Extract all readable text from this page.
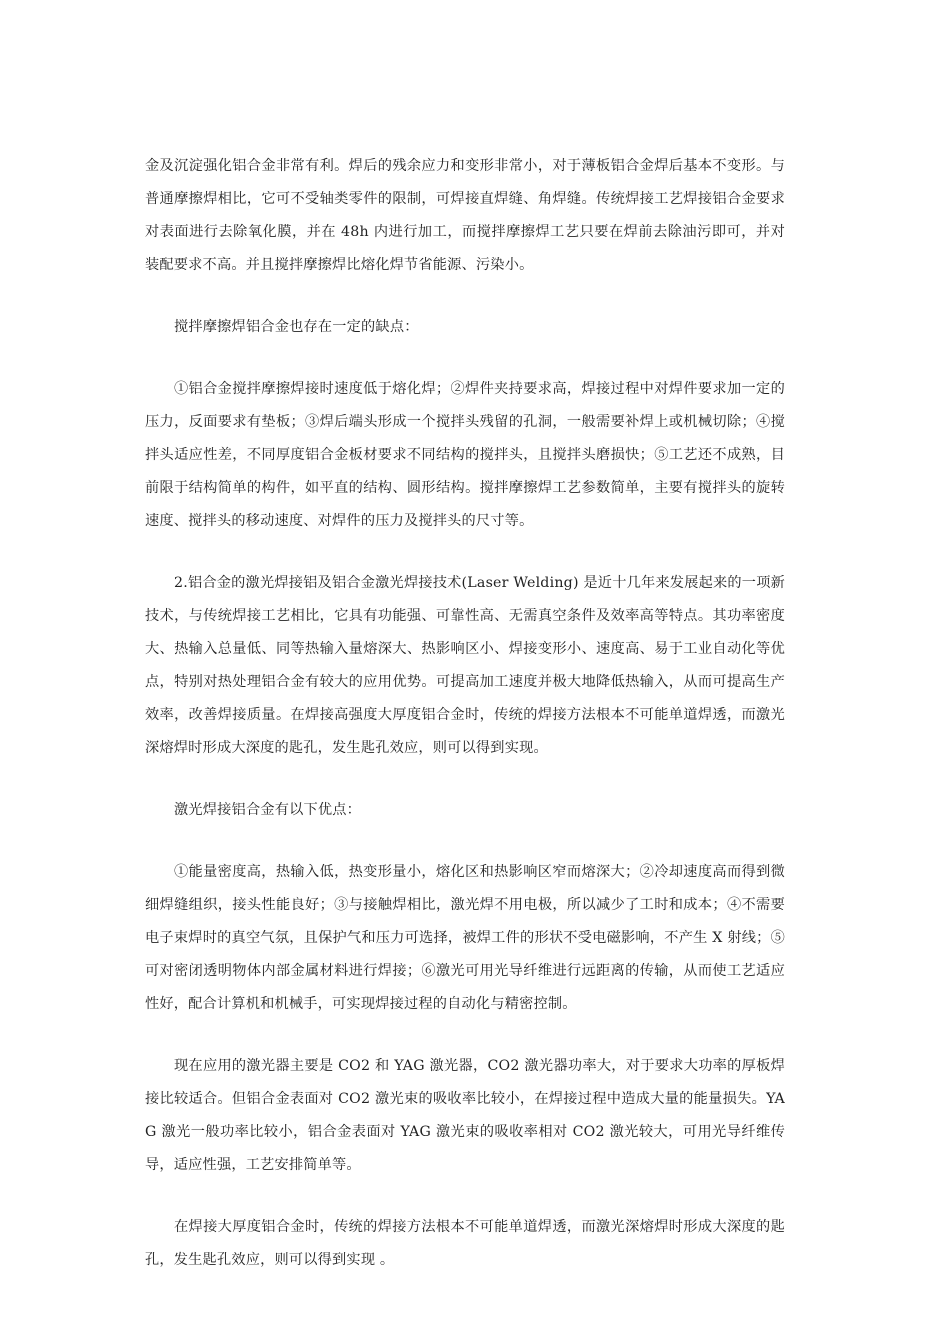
金及沉淀强化铝合金非常有利。焊后的残余应力和变形非常小，对于薄板铝合金焊后基本不变形。与普通摩擦焊相比，它可不受轴类零件的限制，可焊接直焊缝、角焊缝。传统焊接工艺焊接铝合金要求对表面进行去除氧化膜，并在 48h 内进行加工，而搅拌摩擦焊工艺只要在焊前去除油污即可，并对装配要求不高。并且搅拌摩擦焊比熔化焊节省能源、污染小。

搅拌摩擦焊铝合金也存在一定的缺点：

①铝合金搅拌摩擦焊接时速度低于熔化焊；②焊件夹持要求高，焊接过程中对焊件要求加一定的压力，反面要求有垫板；③焊后端头形成一个搅拌头残留的孔洞，一般需要补焊上或机械切除；④搅拌头适应性差，不同厚度铝合金板材要求不同结构的搅拌头，且搅拌头磨损快；⑤工艺还不成熟，目前限于结构简单的构件，如平直的结构、圆形结构。搅拌摩擦焊工艺参数简单，主要有搅拌头的旋转速度、搅拌头的移动速度、对焊件的压力及搅拌头的尺寸等。

2.铝合金的激光焊接铝及铝合金激光焊接技术(Laser Welding) 是近十几年来发展起来的一项新技术，与传统焊接工艺相比，它具有功能强、可靠性高、无需真空条件及效率高等特点。其功率密度大、热输入总量低、同等热输入量熔深大、热影响区小、焊接变形小、速度高、易于工业自动化等优点，特别对热处理铝合金有较大的应用优势。可提高加工速度并极大地降低热输入，从而可提高生产效率，改善焊接质量。在焊接高强度大厚度铝合金时，传统的焊接方法根本不可能单道焊透，而激光深熔焊时形成大深度的匙孔，发生匙孔效应，则可以得到实现。

激光焊接铝合金有以下优点：

①能量密度高，热输入低，热变形量小，熔化区和热影响区窄而熔深大；②冷却速度高而得到微细焊缝组织，接头性能良好；③与接触焊相比，激光焊不用电极，所以减少了工时和成本；④不需要电子束焊时的真空气氛，且保护气和压力可选择，被焊工件的形状不受电磁影响，不产生 X 射线；⑤可对密闭透明物体内部金属材料进行焊接；⑥激光可用光导纤维进行远距离的传输，从而使工艺适应性好，配合计算机和机械手，可实现焊接过程的自动化与精密控制。

现在应用的激光器主要是 CO2 和 YAG 激光器，CO2 激光器功率大，对于要求大功率的厚板焊接比较适合。但铝合金表面对 CO2 激光束的吸收率比较小，在焊接过程中造成大量的能量损失。YAG 激光一般功率比较小，铝合金表面对 YAG 激光束的吸收率相对 CO2 激光较大，可用光导纤维传导，适应性强，工艺安排简单等。

在焊接大厚度铝合金时，传统的焊接方法根本不可能单道焊透，而激光深熔焊时形成大深度的匙孔，发生匙孔效应，则可以得到实现 。
